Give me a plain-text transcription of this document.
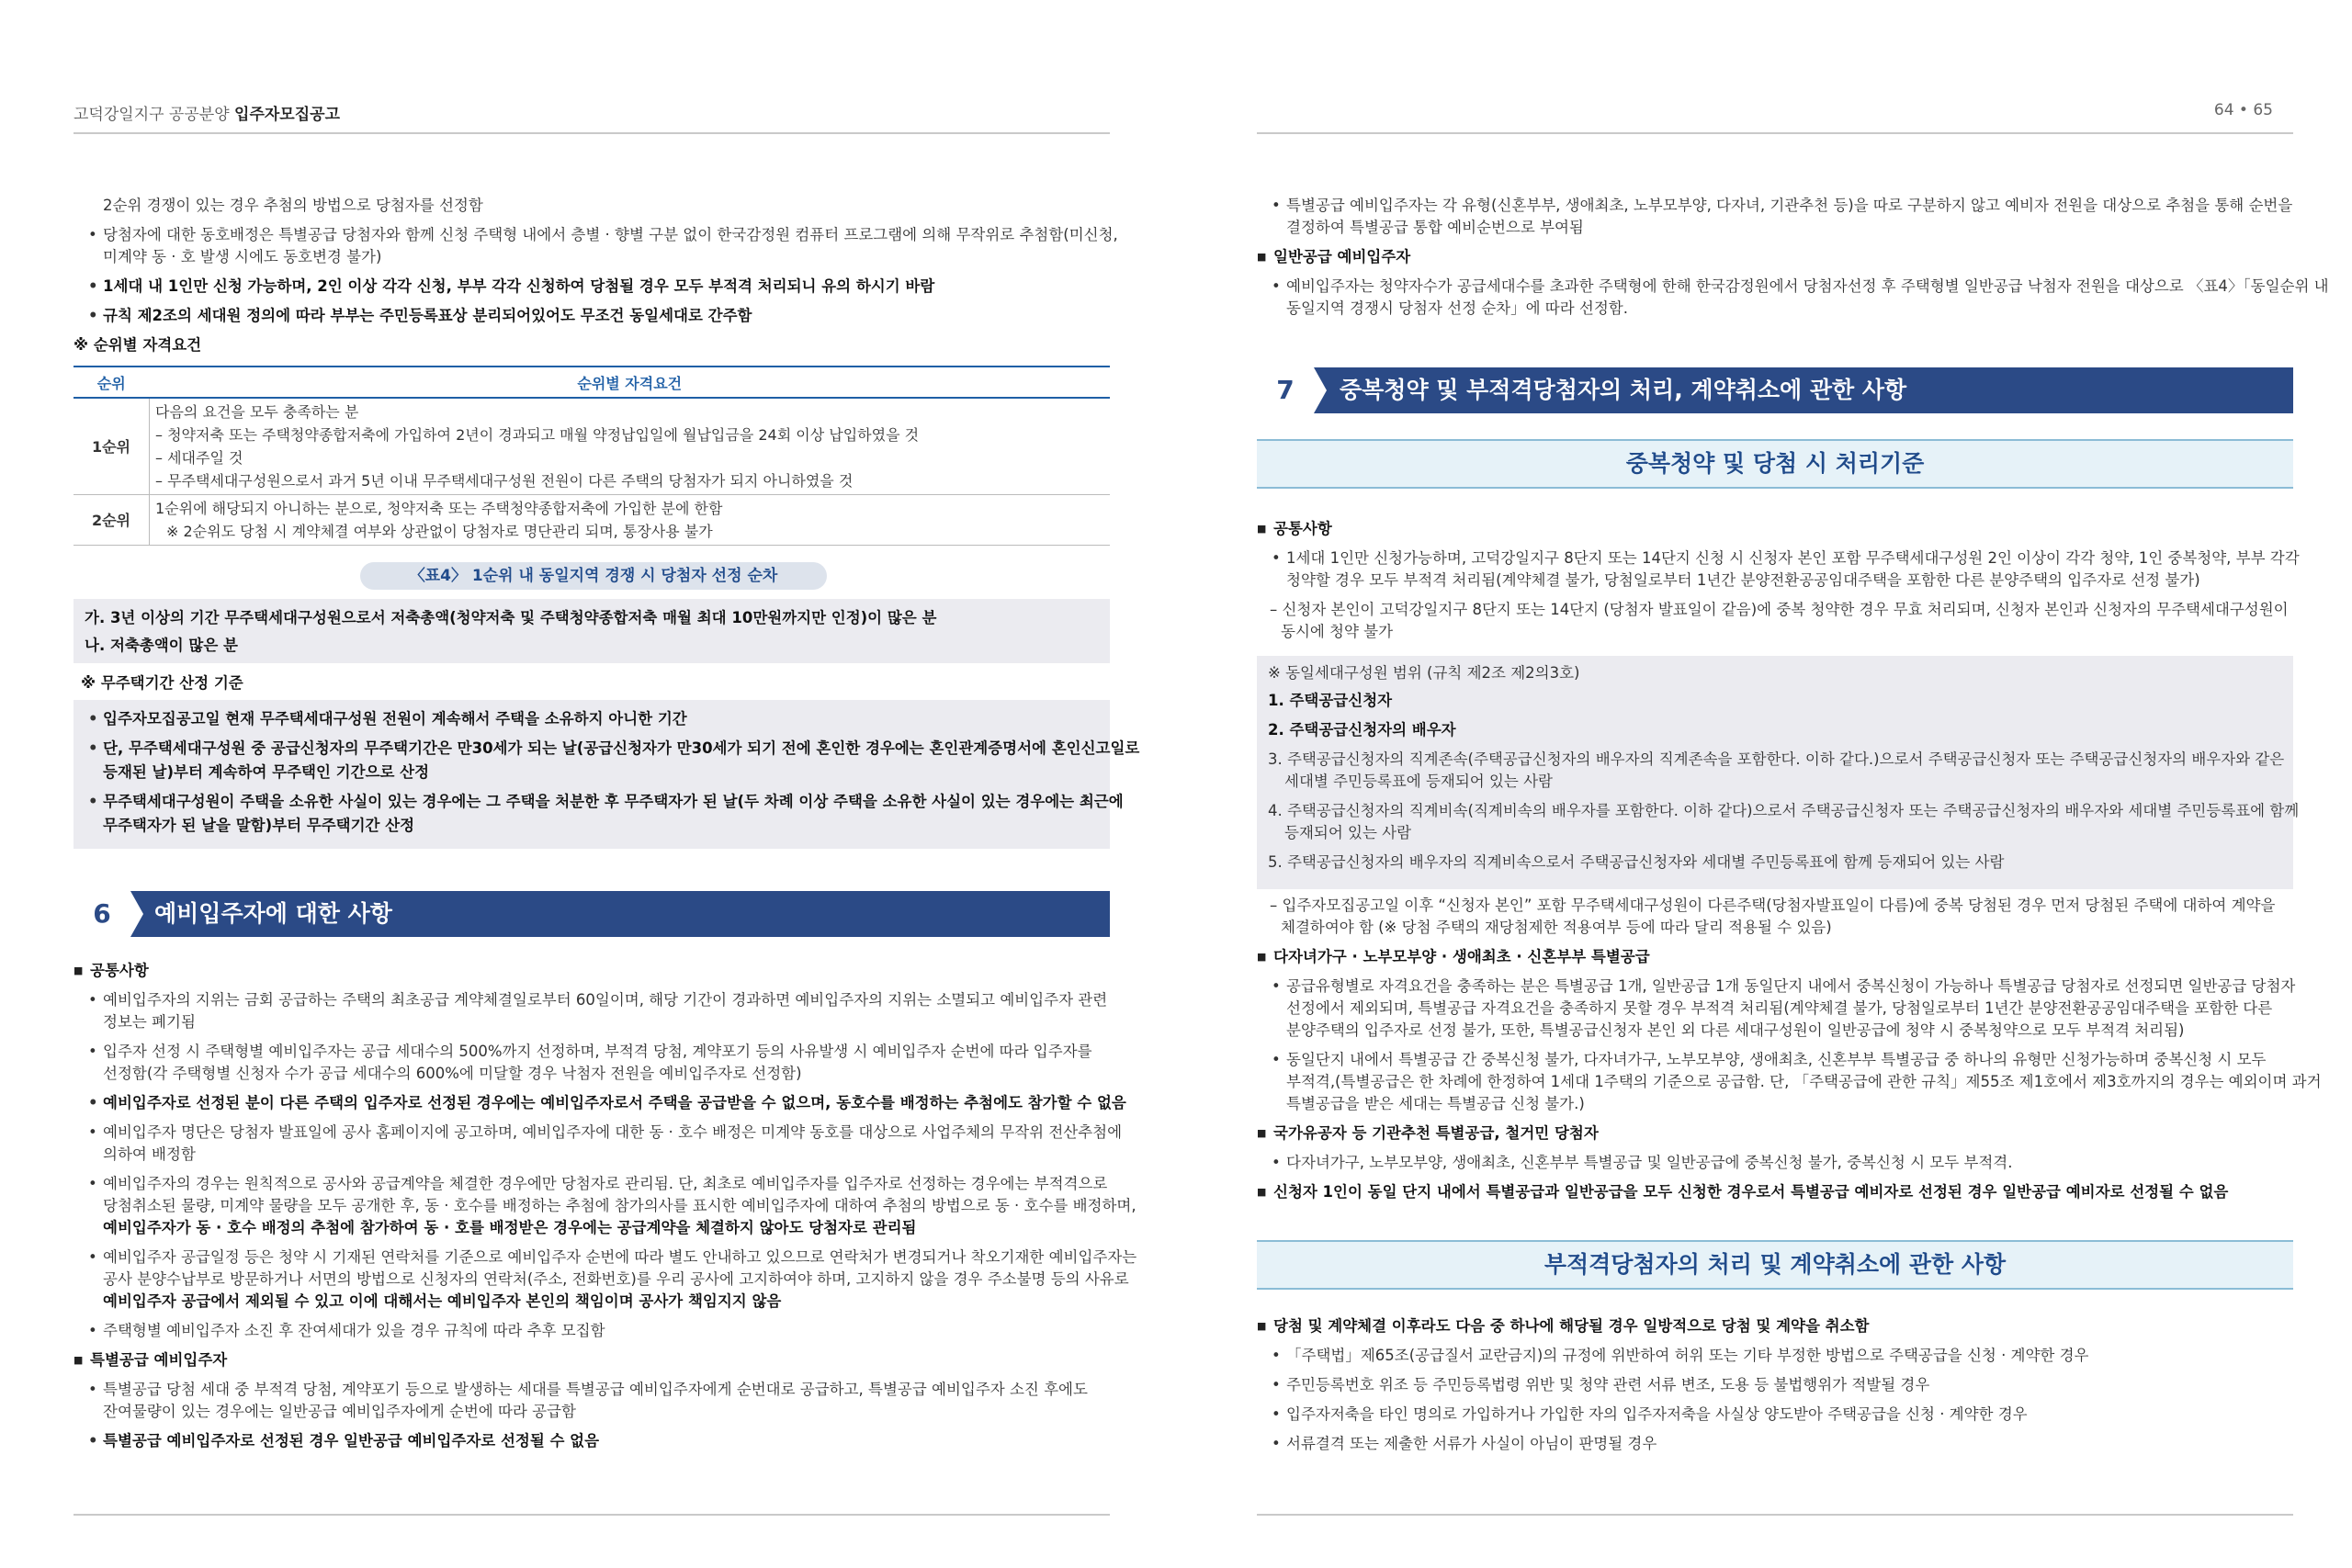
고덕강일지구 공공분양 입주자모집공고	64 • 65
2순위 경쟁이 있는 경우 추첨의 방법으로 당첨자를 선정함
• 당첨자에 대한 동호배정은 특별공급 당첨자와 함께 신청 주택형 내에서 층별 · 향별 구분 없이 한국감정원 컴퓨터 프로그램에 의해 무작위로 추첨함(미신청,
미계약 동 · 호 발생 시에도 동호변경 불가)
• 1세대 내 1인만 신청 가능하며, 2인 이상 각각 신청, 부부 각각 신청하여 당첨될 경우 모두 부적격 처리되니 유의 하시기 바람
• 규칙 제2조의 세대원 정의에 따라 부부는 주민등록표상 분리되어있어도 무조건 동일세대로 간주함
※ 순위별 자격요건
순위	순위별 자격요건
1순위	다음의 요건을 모두 충족하는 분
– 청약저축 또는 주택청약종합저축에 가입하여 2년이 경과되고 매월 약정납입일에 월납입금을 24회 이상 납입하였을 것
– 세대주일 것
– 무주택세대구성원으로서 과거 5년 이내 무주택세대구성원 전원이 다른 주택의 당첨자가 되지 아니하였을 것

2순위	1순위에 해당되지 아니하는 분으로, 청약저축 또는 주택청약종합저축에 가입한 분에 한함
※ 2순위도 당첨 시 계약체결 여부와 상관없이 당첨자로 명단관리 되며, 통장사용 불가
〈표4〉 1순위 내 동일지역 경쟁 시 당첨자 선정 순차
가. 3년 이상의 기간 무주택세대구성원으로서 저축총액(청약저축 및 주택청약종합저축 매월 최대 10만원까지만 인정)이 많은 분
나. 저축총액이 많은 분
※ 무주택기간 산정 기준
• 입주자모집공고일 현재 무주택세대구성원 전원이 계속해서 주택을 소유하지 아니한 기간
• 단, 무주택세대구성원 중 공급신청자의 무주택기간은 만30세가 되는 날(공급신청자가 만30세가 되기 전에 혼인한 경우에는 혼인관계증명서에 혼인신고일로
등재된 날)부터 계속하여 무주택인 기간으로 산정
• 무주택세대구성원이 주택을 소유한 사실이 있는 경우에는 그 주택을 처분한 후 무주택자가 된 날(두 차례 이상 주택을 소유한 사실이 있는 경우에는 최근에
무주택자가 된 날을 말함)부터 무주택기간 산정
6	예비입주자에 대한 사항
■ 공통사항
• 예비입주자의 지위는 금회 공급하는 주택의 최초공급 계약체결일로부터 60일이며, 해당 기간이 경과하면 예비입주자의 지위는 소멸되고 예비입주자 관련
정보는 폐기됨
• 입주자 선정 시 주택형별 예비입주자는 공급 세대수의 500%까지 선정하며, 부적격 당첨, 계약포기 등의 사유발생 시 예비입주자 순번에 따라 입주자를
선정함(각 주택형별 신청자 수가 공급 세대수의 600%에 미달할 경우 낙첨자 전원을 예비입주자로 선정함)
• 예비입주자로 선정된 분이 다른 주택의 입주자로 선정된 경우에는 예비입주자로서 주택을 공급받을 수 없으며, 동호수를 배정하는 추첨에도 참가할 수 없음
• 예비입주자 명단은 당첨자 발표일에 공사 홈페이지에 공고하며, 예비입주자에 대한 동 · 호수 배정은 미계약 동호를 대상으로 사업주체의 무작위 전산추첨에
의하여 배정함
• 예비입주자의 경우는 원칙적으로 공사와 공급계약을 체결한 경우에만 당첨자로 관리됨. 단, 최초로 예비입주자를 입주자로 선정하는 경우에는 부적격으로
당첨취소된 물량, 미계약 물량을 모두 공개한 후, 동 · 호수를 배정하는 추첨에 참가의사를 표시한 예비입주자에 대하여 추첨의 방법으로 동 · 호수를 배정하며,
예비입주자가 동 · 호수 배정의 추첨에 참가하여 동 · 호를 배정받은 경우에는 공급계약을 체결하지 않아도 당첨자로 관리됨
• 예비입주자 공급일정 등은 청약 시 기재된 연락처를 기준으로 예비입주자 순번에 따라 별도 안내하고 있으므로 연락처가 변경되거나 착오기재한 예비입주자는
공사 분양수납부로 방문하거나 서면의 방법으로 신청자의 연락처(주소, 전화번호)를 우리 공사에 고지하여야 하며, 고지하지 않을 경우 주소불명 등의 사유로
예비입주자 공급에서 제외될 수 있고 이에 대해서는 예비입주자 본인의 책임이며 공사가 책임지지 않음
• 주택형별 예비입주자 소진 후 잔여세대가 있을 경우 규칙에 따라 추후 모집함
■ 특별공급 예비입주자
• 특별공급 당첨 세대 중 부적격 당첨, 계약포기 등으로 발생하는 세대를 특별공급 예비입주자에게 순번대로 공급하고, 특별공급 예비입주자 소진 후에도
잔여물량이 있는 경우에는 일반공급 예비입주자에게 순번에 따라 공급함
• 특별공급 예비입주자로 선정된 경우 일반공급 예비입주자로 선정될 수 없음
• 특별공급 예비입주자는 각 유형(신혼부부, 생애최초, 노부모부양, 다자녀, 기관추천 등)을 따로 구분하지 않고 예비자 전원을 대상으로 추첨을 통해 순번을
결정하여 특별공급 통합 예비순번으로 부여됨
■ 일반공급 예비입주자
• 예비입주자는 청약자수가 공급세대수를 초과한 주택형에 한해 한국감정원에서 당첨자선정 후 주택형별 일반공급 낙첨자 전원을 대상으로 〈표4〉「동일순위 내
동일지역 경쟁시 당첨자 선정 순차」에 따라 선정함.
7	중복청약 및 부적격당첨자의 처리, 계약취소에 관한 사항
중복청약 및 당첨 시 처리기준
■ 공통사항
• 1세대 1인만 신청가능하며, 고덕강일지구 8단지 또는 14단지 신청 시 신청자 본인 포함 무주택세대구성원 2인 이상이 각각 청약, 1인 중복청약, 부부 각각
청약할 경우 모두 부적격 처리됨(계약체결 불가, 당첨일로부터 1년간 분양전환공공임대주택을 포함한 다른 분양주택의 입주자로 선정 불가)
– 신청자 본인이 고덕강일지구 8단지 또는 14단지 (당첨자 발표일이 같음)에 중복 청약한 경우 무효 처리되며, 신청자 본인과 신청자의 무주택세대구성원이
동시에 청약 불가
※ 동일세대구성원 범위 (규칙 제2조 제2의3호)
1. 주택공급신청자
2. 주택공급신청자의 배우자
3. 주택공급신청자의 직계존속(주택공급신청자의 배우자의 직계존속을 포함한다. 이하 같다.)으로서 주택공급신청자 또는 주택공급신청자의 배우자와 같은
세대별 주민등록표에 등재되어 있는 사람
4. 주택공급신청자의 직계비속(직계비속의 배우자를 포함한다. 이하 같다)으로서 주택공급신청자 또는 주택공급신청자의 배우자와 세대별 주민등록표에 함께
등재되어 있는 사람
5. 주택공급신청자의 배우자의 직계비속으로서 주택공급신청자와 세대별 주민등록표에 함께 등재되어 있는 사람
– 입주자모집공고일 이후 “신청자 본인” 포함 무주택세대구성원이 다른주택(당첨자발표일이 다름)에 중복 당첨된 경우 먼저 당첨된 주택에 대하여 계약을
체결하여야 함 (※ 당첨 주택의 재당첨제한 적용여부 등에 따라 달리 적용될 수 있음)
■ 다자녀가구 · 노부모부양 · 생애최초 · 신혼부부 특별공급
• 공급유형별로 자격요건을 충족하는 분은 특별공급 1개, 일반공급 1개 동일단지 내에서 중복신청이 가능하나 특별공급 당첨자로 선정되면 일반공급 당첨자
선정에서 제외되며, 특별공급 자격요건을 충족하지 못할 경우 부적격 처리됨(계약체결 불가, 당첨일로부터 1년간 분양전환공공임대주택을 포함한 다른
분양주택의 입주자로 선정 불가, 또한, 특별공급신청자 본인 외 다른 세대구성원이 일반공급에 청약 시 중복청약으로 모두 부적격 처리됨)
• 동일단지 내에서 특별공급 간 중복신청 불가, 다자녀가구, 노부모부양, 생애최초, 신혼부부 특별공급 중 하나의 유형만 신청가능하며 중복신청 시 모두
부적격,(특별공급은 한 차례에 한정하여 1세대 1주택의 기준으로 공급함. 단, 「주택공급에 관한 규칙」제55조 제1호에서 제3호까지의 경우는 예외이며 과거
특별공급을 받은 세대는 특별공급 신청 불가.)
■ 국가유공자 등 기관추천 특별공급, 철거민 당첨자
• 다자녀가구, 노부모부양, 생애최초, 신혼부부 특별공급 및 일반공급에 중복신청 불가, 중복신청 시 모두 부적격.
■ 신청자 1인이 동일 단지 내에서 특별공급과 일반공급을 모두 신청한 경우로서 특별공급 예비자로 선정된 경우 일반공급 예비자로 선정될 수 없음
부적격당첨자의 처리 및 계약취소에 관한 사항
■ 당첨 및 계약체결 이후라도 다음 중 하나에 해당될 경우 일방적으로 당첨 및 계약을 취소함
• 「주택법」제65조(공급질서 교란금지)의 규정에 위반하여 허위 또는 기타 부정한 방법으로 주택공급을 신청 · 계약한 경우
• 주민등록번호 위조 등 주민등록법령 위반 및 청약 관련 서류 변조, 도용 등 불법행위가 적발될 경우
• 입주자저축을 타인 명의로 가입하거나 가입한 자의 입주자저축을 사실상 양도받아 주택공급을 신청 · 계약한 경우
• 서류결격 또는 제출한 서류가 사실이 아님이 판명될 경우
